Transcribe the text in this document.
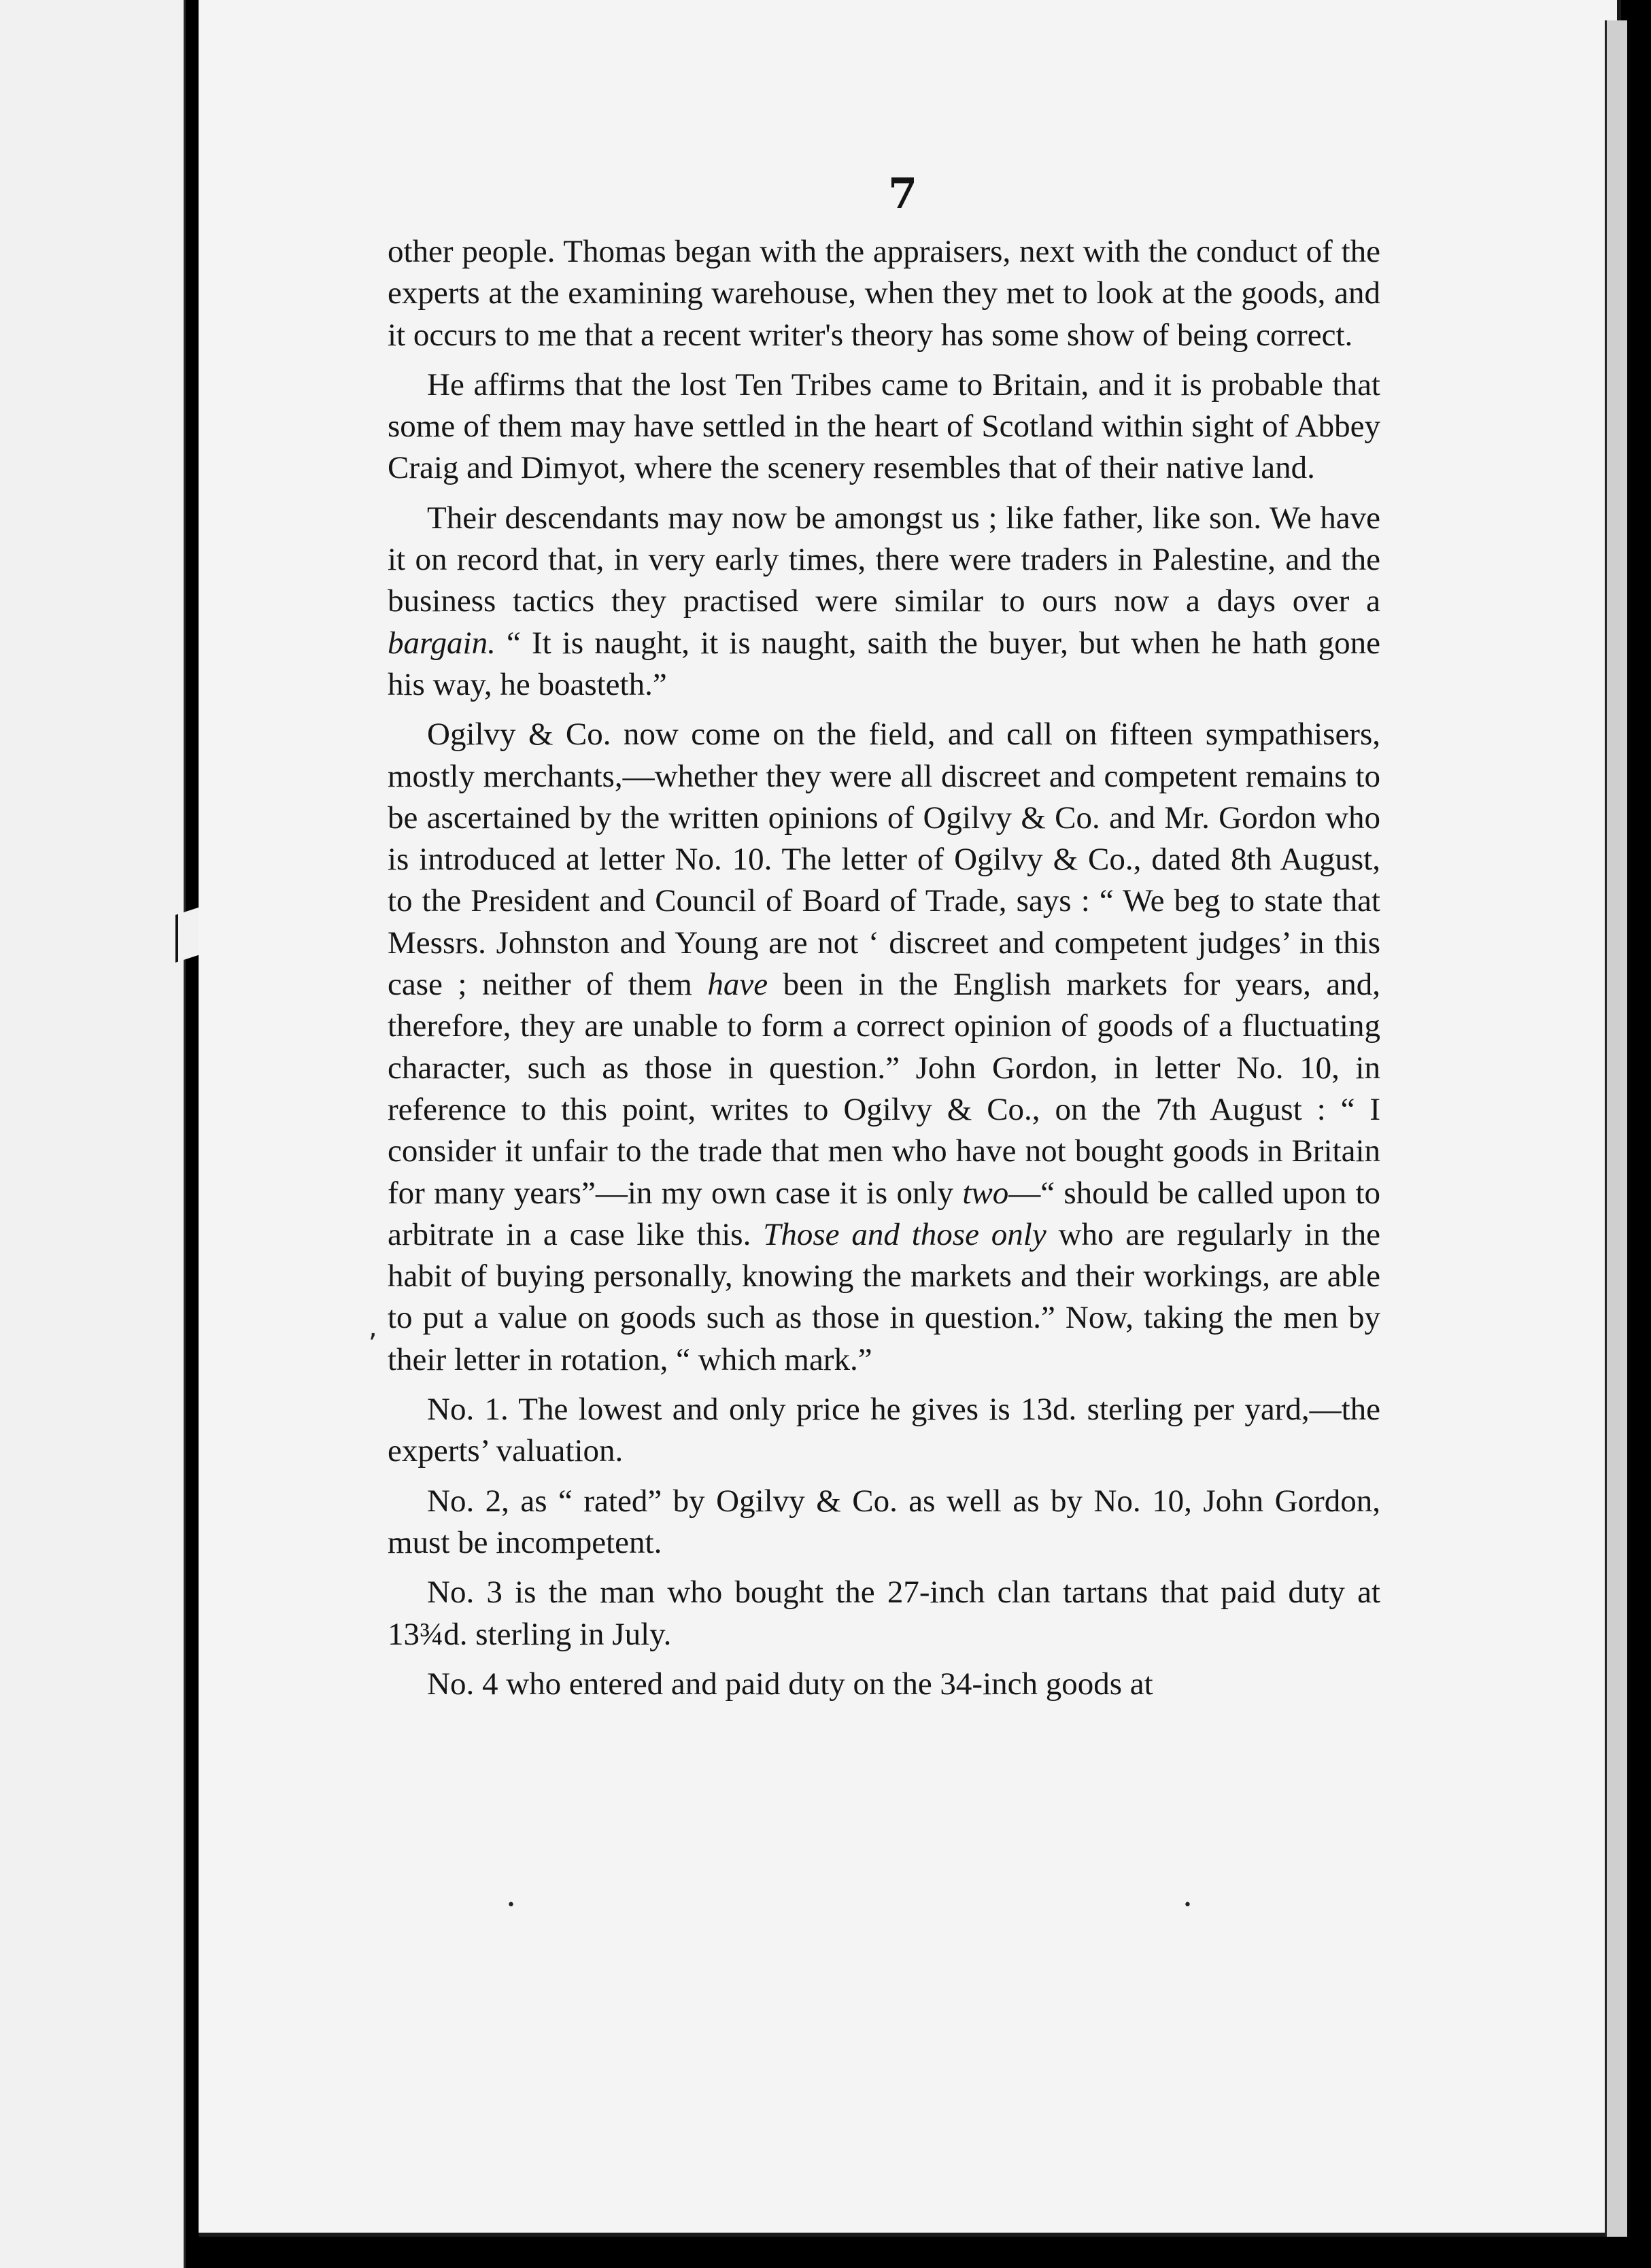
7

other people. Thomas began with the appraisers, next with the conduct of the experts at the examining warehouse, when they met to look at the goods, and it occurs to me that a recent writer's theory has some show of being correct.

He affirms that the lost Ten Tribes came to Britain, and it is probable that some of them may have settled in the heart of Scotland within sight of Abbey Craig and Dimyot, where the scenery resembles that of their native land.

Their descendants may now be amongst us ; like father, like son. We have it on record that, in very early times, there were traders in Palestine, and the business tactics they practised were similar to ours now a days over a bargain. “ It is naught, it is naught, saith the buyer, but when he hath gone his way, he boasteth.”

Ogilvy & Co. now come on the field, and call on fifteen sympathisers, mostly merchants,—whether they were all discreet and competent remains to be ascertained by the written opinions of Ogilvy & Co. and Mr. Gordon who is introduced at letter No. 10. The letter of Ogilvy & Co., dated 8th August, to the President and Council of Board of Trade, says : “ We beg to state that Messrs. Johnston and Young are not ‘ discreet and competent judges’ in this case ; neither of them have been in the English markets for years, and, therefore, they are unable to form a correct opinion of goods of a fluctuating character, such as those in question.” John Gordon, in letter No. 10, in reference to this point, writes to Ogilvy & Co., on the 7th August : “ I consider it unfair to the trade that men who have not bought goods in Britain for many years”—in my own case it is only two—“ should be called upon to arbitrate in a case like this. Those and those only who are regularly in the habit of buying personally, knowing the markets and their workings, are able to put a value on goods such as those in question.” Now, taking the men by their letter in rotation, “ which mark.”

No. 1. The lowest and only price he gives is 13d. sterling per yard,—the experts’ valuation.

No. 2, as “ rated” by Ogilvy & Co. as well as by No. 10, John Gordon, must be incompetent.

No. 3 is the man who bought the 27-inch clan tartans that paid duty at 13¾d. sterling in July.

No. 4 who entered and paid duty on the 34-inch goods at

,
•	•
